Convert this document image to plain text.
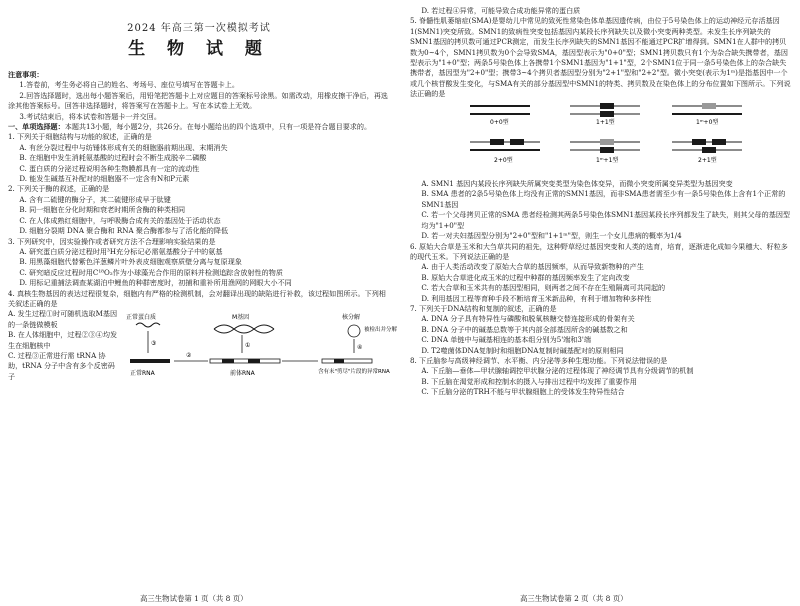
2024 年高三第一次模拟考试
生 物 试 题

注意事项：

1.答卷前，考生务必将自己的姓名、考场号、座位号填写在答题卡上。

2.回答选择题时，选出每小题答案后，用铅笔把答题卡上对应题目的答案标号涂黑。如需改动，用橡皮擦干净后，再选涂其他答案标号。回答非选择题时，将答案写在答题卡上。写在本试卷上无效。

3.考试结束后，将本试卷和答题卡一并交回。

一、单项选择题：本题共13小题，每小题2分，共26分。在每小题给出的四个选项中，只有一项是符合题目要求的。

1. 下列关于细胞结构与功能的叙述，正确的是

A. 有丝分裂过程中与纺锤体形成有关的细胞器前期出现、末期消失

B. 在细胞中发生消耗氨基酸的过程时会不断生成脱辛二磷酸

C. 蛋白质的分泌过程说明各种生物膜都具有一定的流动性

D. 能发生碱基互补配对的细胞器不一定含有N和P元素

2. 下列关于酶的叙述，正确的是

A. 含有二硫键的酶分子，其二硫键形成早于肽键

B. 同一细胞在分化时期和衰老时期所含酶的种类相同

C. 在人体成熟红细胞中，与呼吸酶合成有关的基因处于活动状态

D. 细胞分裂期 DNA 聚合酶和 RNA 聚合酶都参与了活化能的降低

3. 下列研究中，因实验操作或者研究方法不合理影响实验结果的是

A. 研究蛋白质分泌过程时用³H充分标记必需氨基酸分子中的氨基

B. 用黑藻细胞代替紫色洋葱鳞片叶外表皮细胞观察质壁分离与复原现象

C. 研究暗反应过程时用C¹⁸O₂作为小球藻光合作用的原料并检测追踪含放射性的物质

D. 用标记重捕法调查某湖泊中鲤鱼的种群密度时，初捕和重补所用渔网的网眼大小不同

4. 真核生物基因的表达过程很复杂，细胞内有严格的检测机制，会对翻译出现的缺陷进行补救，该过程如图所示。下列相关叙述正确的是

A. 发生过程①时可随机选取M基因的一条链做模板

B. 在人体细胞中，过程②③④均发生在细胞核中

C. 过程③正常进行需 tRNA 协助，tRNA 分子中含有多个反密码子

正常蛋白质
③
正常RNA
M基因
①
前体RNA
②
核分解
被检出并分解
④
含有未"剪尽"片段的异常RNA
高三生物试卷第 1 页（共 8 页）

D. 若过程④异常，可能导致合成功能异常的蛋白质

5. 脊髓性肌萎缩症(SMA)是婴幼儿中常见的致死性常染色体单基因遗传病，由位于5号染色体上的运动神经元存活基因1(SMN1)突变所致。SMN1的致病性突变包括基因内某段长序列缺失以及微小突变两种类型。未发生长序列缺失的SMN1基因的拷贝数可通过PCR测定，而发生长序列缺失的SMN1基因不能通过PCR扩增得到。SMN1在人群中的拷贝数为0~4个，SMN1拷贝数为0个会导致SMA，基因型表示为"0+0"型；SMN1拷贝数只有1个为杂合缺失携带者，基因型表示为"1+0"型；两条5号染色体上各携带1个SMN1基因为"1+1"型，2个SMN1位于同一条5号染色体上的杂合缺失携带者，基因型为"2+0"型；携带3~4个拷贝者基因型分别为"2+1"型和"2+2"型。微小突变(表示为1ᵐ)是指基因中一个或几个核苷酸发生变化，与SMA有关的部分基因型中SMN1的特类、拷贝数及在染色体上的分布位置如下图所示。下列说法正确的是

0+0型	1+1型	1ᵐ+0型
2+0型	1ᵐ+1型	2+1型

A. SMN1 基因内某段长序列缺失所属突变类型为染色体变异，而微小突变所属变异类型为基因突变

B. SMA 患者的2条5号染色体上均没有正常的SMN1基因，而非SMA患者需至少有一条5号染色体上含有1个正常的SMN1基因

C. 若一个父母拷贝正常的SMA 患者经检测其两条5号染色体SMN1基因某段长序列都发生了缺失，则其父母的基因型均为"1+0"型

D. 若一对夫妇基因型分别为"2+0"型和"1+1ᵐ"型，则生一个女儿患病的概率为1/4

6. 原始大合草是玉米和大刍草共同的祖先，这种野草经过基因突变和人类的选育，培育，逐渐进化成如今果穗大、籽粒多的现代玉米。下列说法正确的是

A. 由于人类活动改变了原始大合草的基因频率，从而导致新物种的产生

B. 原始大合草进化成玉米的过程中种群的基因频率发生了定向改变

C. 若大合草和玉米共有的基因型相同，则两者之间不存在生殖隔离可共同起的

D. 利用基因工程等育种手段不断培育玉米新品种，有利于增加物种多样性

7. 下列关于DNA结构和复制的叙述，正确的是

A. DNA 分子具有特异性与磷酸和脱氧核糖交替连接形成的骨架有关

B. DNA 分子中的碱基总数等于其内部全部基因所含的碱基数之和

C. DNA 单链中与碱基相连的基本组分别为5'端和3'端

D. T2噬菌体DNA复制时和细胞DNA复制时碱基配对的原则相同

8. 下丘脑参与高级神经调节、水平衡、内分泌等多种生理功能。下列说法错误的是

A. 下丘脑—垂体—甲状腺轴调控甲状腺分泌的过程体现了神经调节具有分级调节的机制

B. 下丘脑在渴觉形成和控制水的摄入与排出过程中均发挥了重要作用

C. 下丘脑分泌的TRH不能与甲状腺细胞上的受体发生特异性结合

高三生物试卷第 2 页（共 8 页）
